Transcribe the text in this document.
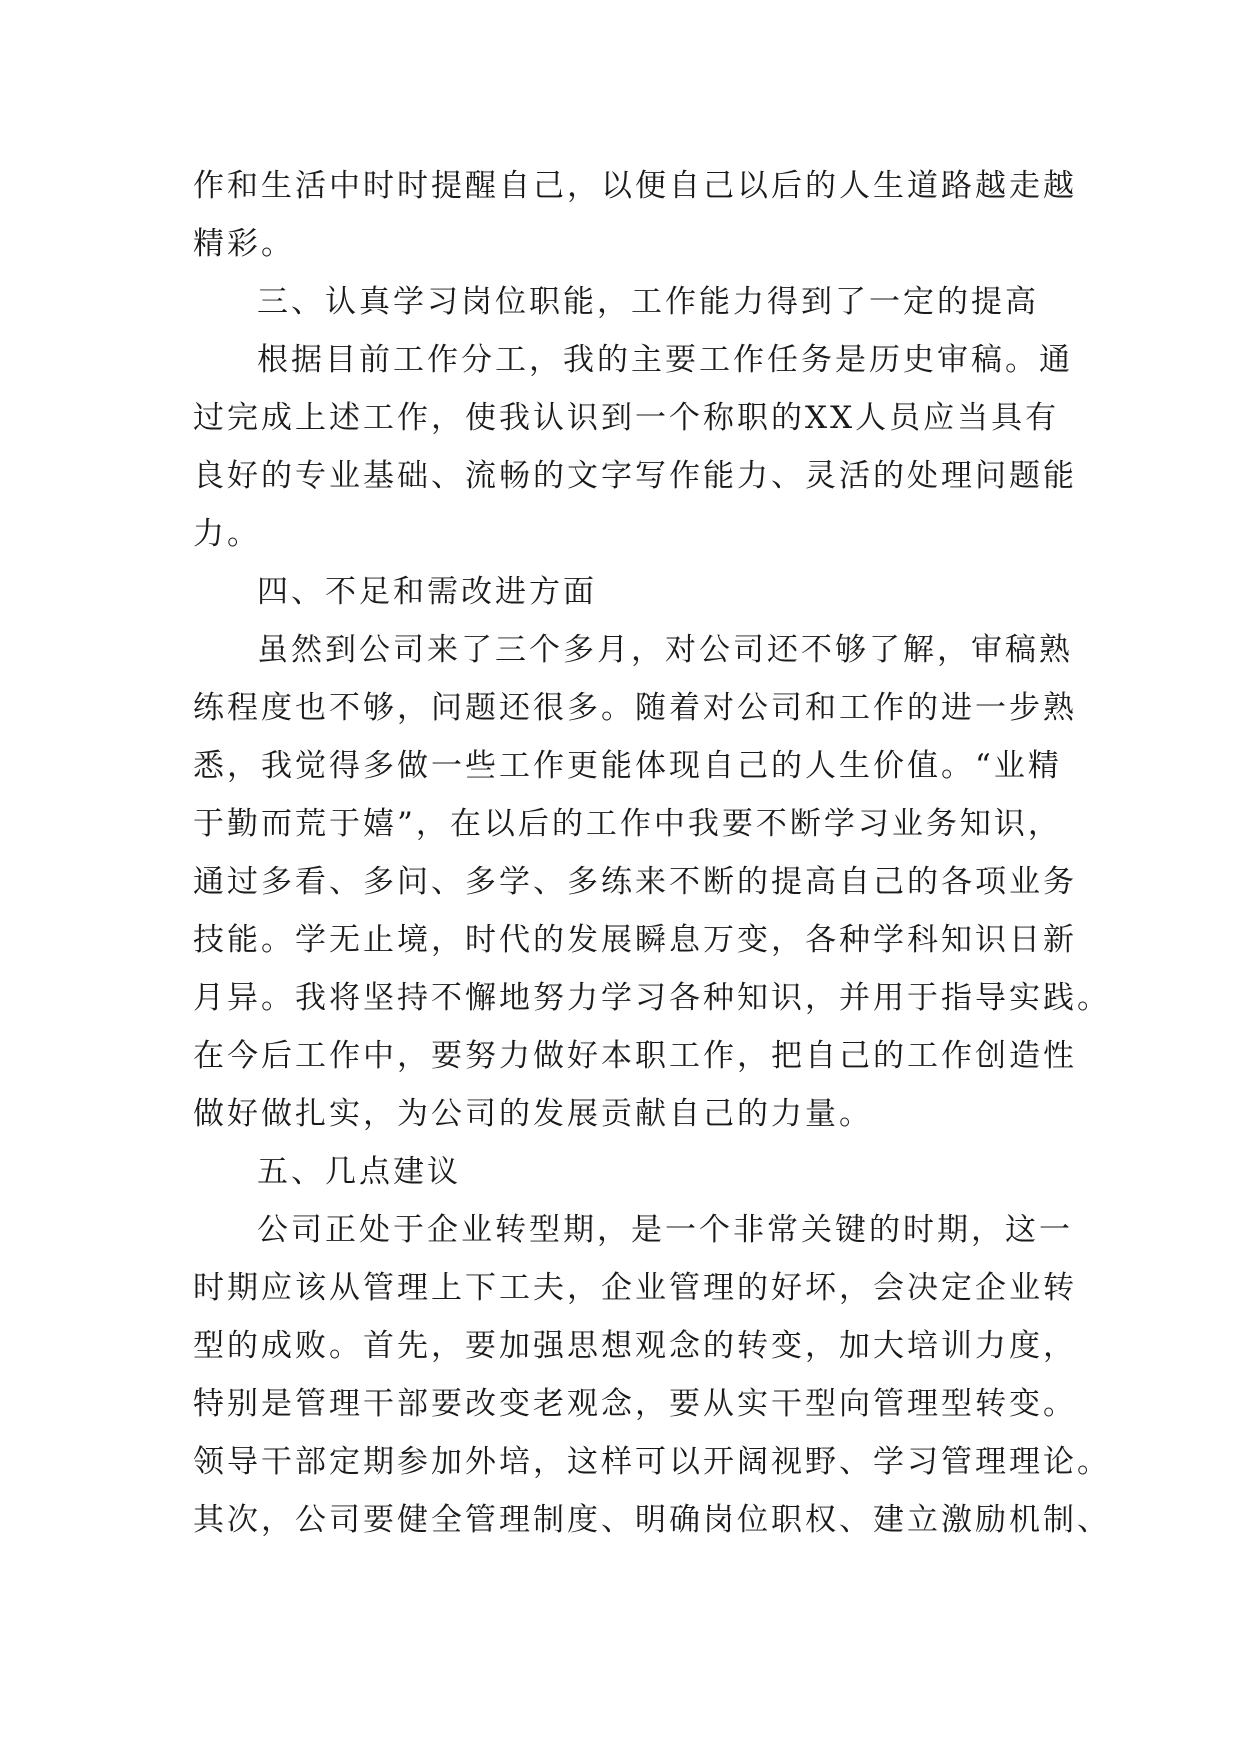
作和生活中时时提醒自己，以便自己以后的人生道路越走越
精彩。
三、认真学习岗位职能，工作能力得到了一定的提高
根据目前工作分工，我的主要工作任务是历史审稿。通
过完成上述工作，使我认识到一个称职的XX人员应当具有
良好的专业基础、流畅的文字写作能力、灵活的处理问题能
力。
四、不足和需改进方面
虽然到公司来了三个多月，对公司还不够了解，审稿熟
练程度也不够，问题还很多。随着对公司和工作的进一步熟
悉，我觉得多做一些工作更能体现自己的人生价值。“业精
于勤而荒于嬉”，在以后的工作中我要不断学习业务知识，
通过多看、多问、多学、多练来不断的提高自己的各项业务
技能。学无止境，时代的发展瞬息万变，各种学科知识日新
月异。我将坚持不懈地努力学习各种知识，并用于指导实践。
在今后工作中，要努力做好本职工作，把自己的工作创造性
做好做扎实，为公司的发展贡献自己的力量。
五、几点建议
公司正处于企业转型期，是一个非常关键的时期，这一
时期应该从管理上下工夫，企业管理的好坏，会决定企业转
型的成败。首先，要加强思想观念的转变，加大培训力度，
特别是管理干部要改变老观念，要从实干型向管理型转变。
领导干部定期参加外培，这样可以开阔视野、学习管理理论。
其次，公司要健全管理制度、明确岗位职权、建立激励机制、
